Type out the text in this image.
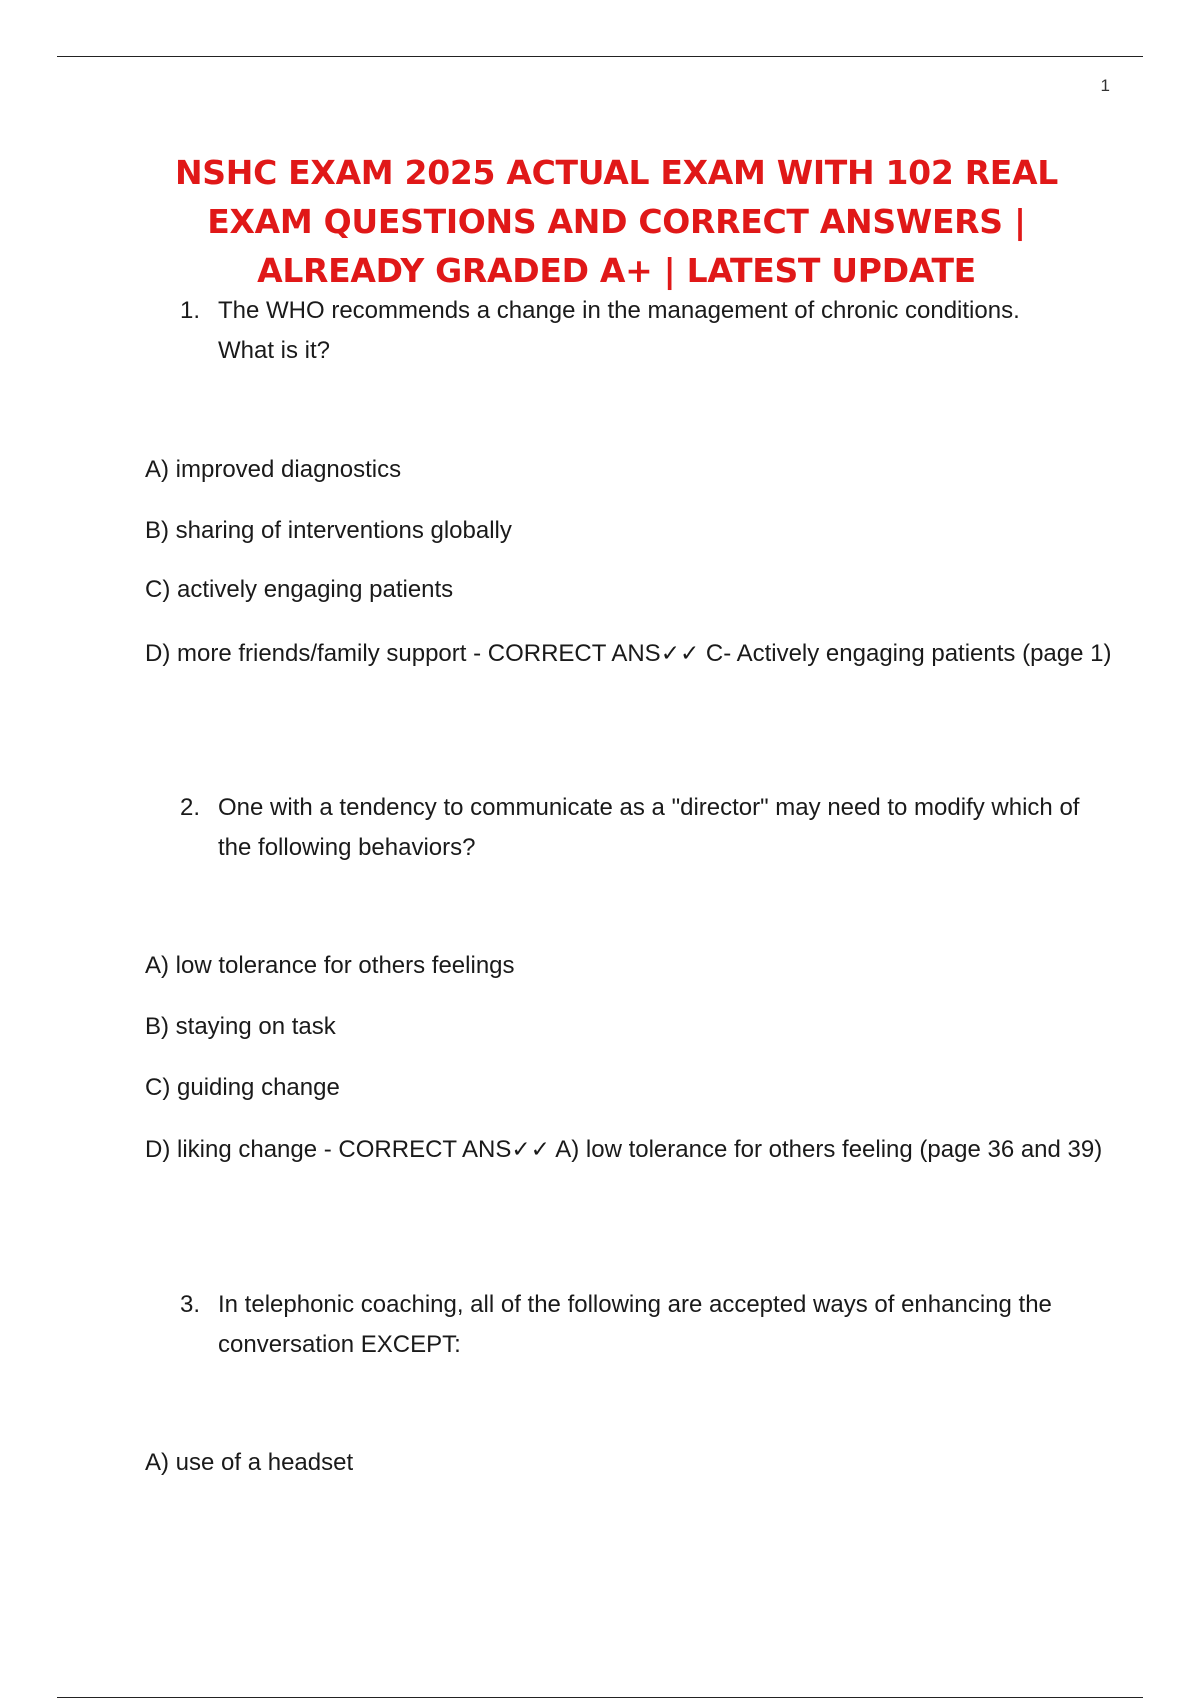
1
NSHC EXAM 2025 ACTUAL EXAM WITH 102 REAL EXAM QUESTIONS AND CORRECT ANSWERS | ALREADY GRADED A+ | LATEST UPDATE
1. The WHO recommends a change in the management of chronic conditions. What is it?
A) improved diagnostics
B) sharing of interventions globally
C) actively engaging patients
D) more friends/family support - CORRECT ANS✓✓ C- Actively engaging patients (page 1)
2. One with a tendency to communicate as a "director" may need to modify which of the following behaviors?
A) low tolerance for others feelings
B) staying on task
C) guiding change
D) liking change - CORRECT ANS✓✓ A) low tolerance for others feeling (page 36 and 39)
3. In telephonic coaching, all of the following are accepted ways of enhancing the conversation EXCEPT:
A) use of a headset
